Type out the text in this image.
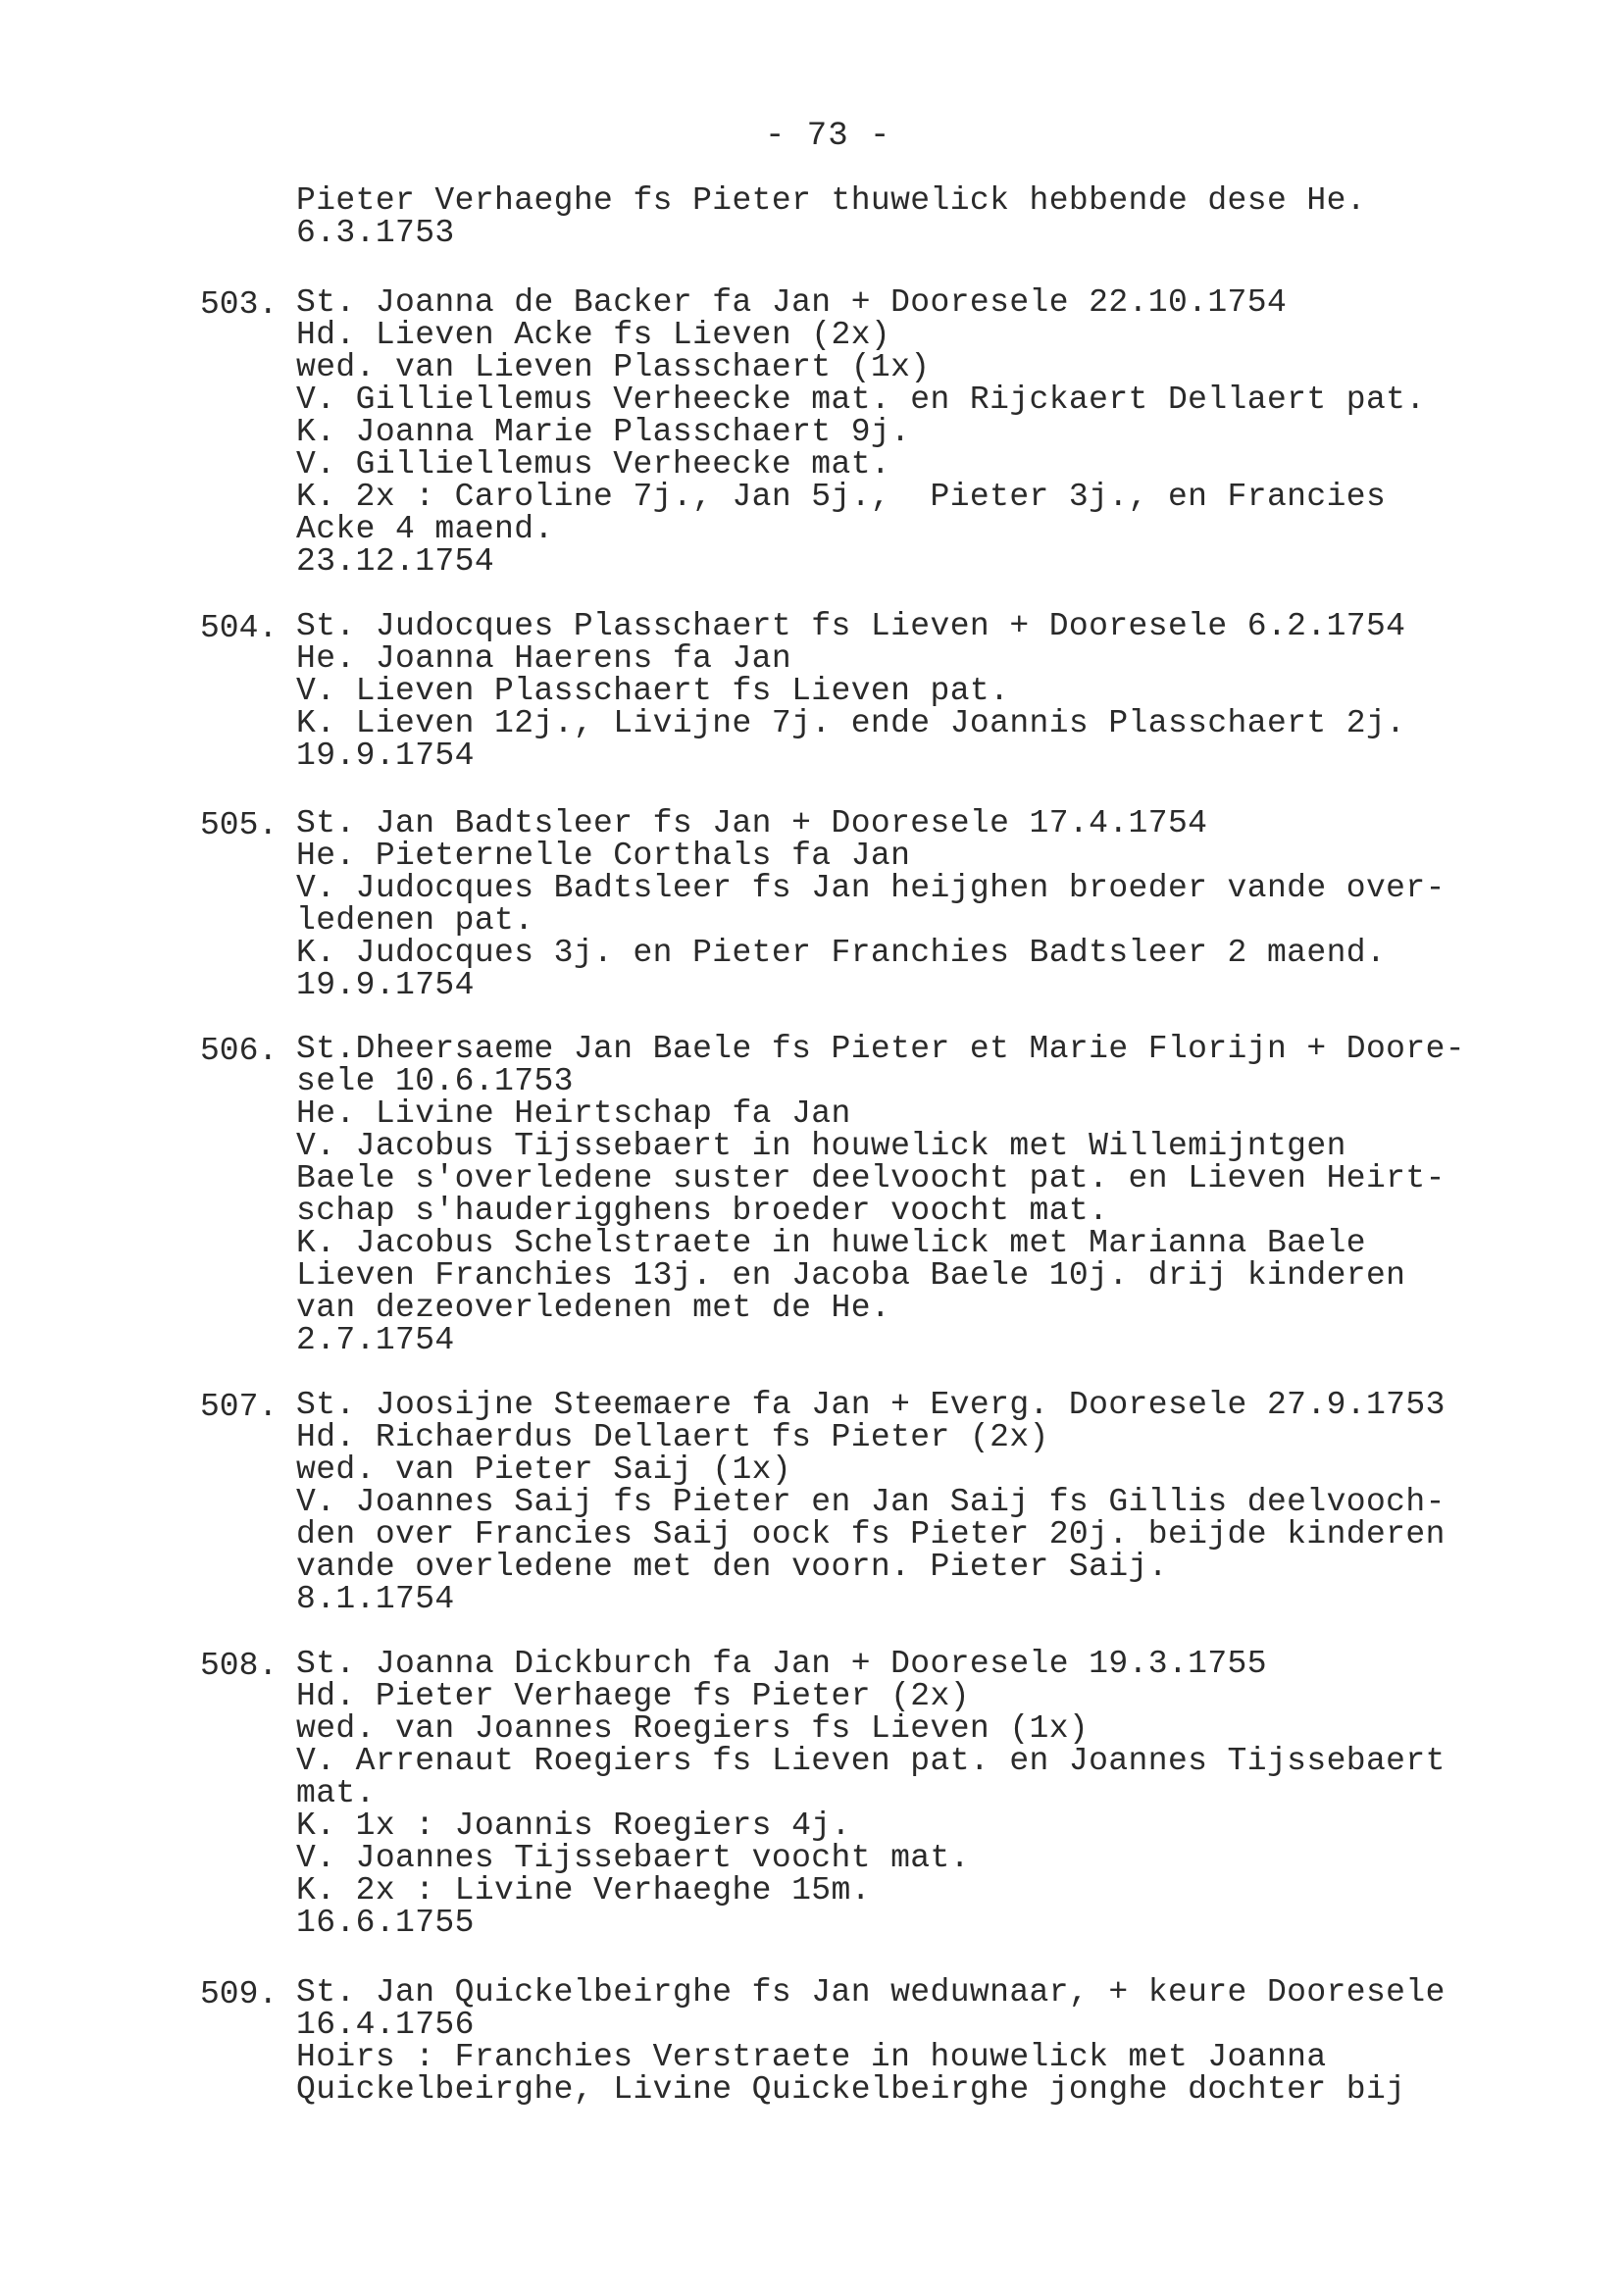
- 73 -
Pieter Verhaeghe fs Pieter thuwelick hebbende dese He.
6.3.1753
503. St. Joanna de Backer fa Jan + Dooresele 22.10.1754
Hd. Lieven Acke fs Lieven (2x)
wed. van Lieven Plasschaert (1x)
V. Gilliellemus Verheecke mat. en Rijckaert Dellaert pat.
K. Joanna Marie Plasschaert 9j.
V. Gilliellemus Verheecke mat.
K. 2x : Caroline 7j., Jan 5j.,  Pieter 3j., en Francies
Acke 4 maend.
23.12.1754
504. St. Judocques Plasschaert fs Lieven + Dooresele 6.2.1754
He. Joanna Haerens fa Jan
V. Lieven Plasschaert fs Lieven pat.
K. Lieven 12j., Livijne 7j. ende Joannis Plasschaert 2j.
19.9.1754
505. St. Jan Badtsleer fs Jan + Dooresele 17.4.1754
He. Pieternelle Corthals fa Jan
V. Judocques Badtsleer fs Jan heijghen broeder vande over-
ledenen pat.
K. Judocques 3j. en Pieter Franchies Badtsleer 2 maend.
19.9.1754
506. St.Dheersaeme Jan Baele fs Pieter et Marie Florijn + Doore-
sele 10.6.1753
He. Livine Heirtschap fa Jan
V. Jacobus Tijssebaert in houwelick met Willemijntgen
Baele s'overledene suster deelvoocht pat. en Lieven Heirt-
schap s'hauderigghens broeder voocht mat.
K. Jacobus Schelstraete in huwelick met Marianna Baele
Lieven Franchies 13j. en Jacoba Baele 10j. drij kinderen
van dezeoverledenen met de He.
2.7.1754
507. St. Joosijne Steemaere fa Jan + Everg. Dooresele 27.9.1753
Hd. Richaerdus Dellaert fs Pieter (2x)
wed. van Pieter Saij (1x)
V. Joannes Saij fs Pieter en Jan Saij fs Gillis deelvooch-
den over Francies Saij oock fs Pieter 20j. beijde kinderen
vande overledene met den voorn. Pieter Saij.
8.1.1754
508. St. Joanna Dickburch fa Jan + Dooresele 19.3.1755
Hd. Pieter Verhaege fs Pieter (2x)
wed. van Joannes Roegiers fs Lieven (1x)
V. Arrenaut Roegiers fs Lieven pat. en Joannes Tijssebaert
mat.
K. 1x : Joannis Roegiers 4j.
V. Joannes Tijssebaert voocht mat.
K. 2x : Livine Verhaeghe 15m.
16.6.1755
509. St. Jan Quickelbeirghe fs Jan weduwnaar, + keure Dooresele
16.4.1756
Hoirs : Franchies Verstraete in houwelick met Joanna
Quickelbeirghe, Livine Quickelbeirghe jonghe dochter bij
